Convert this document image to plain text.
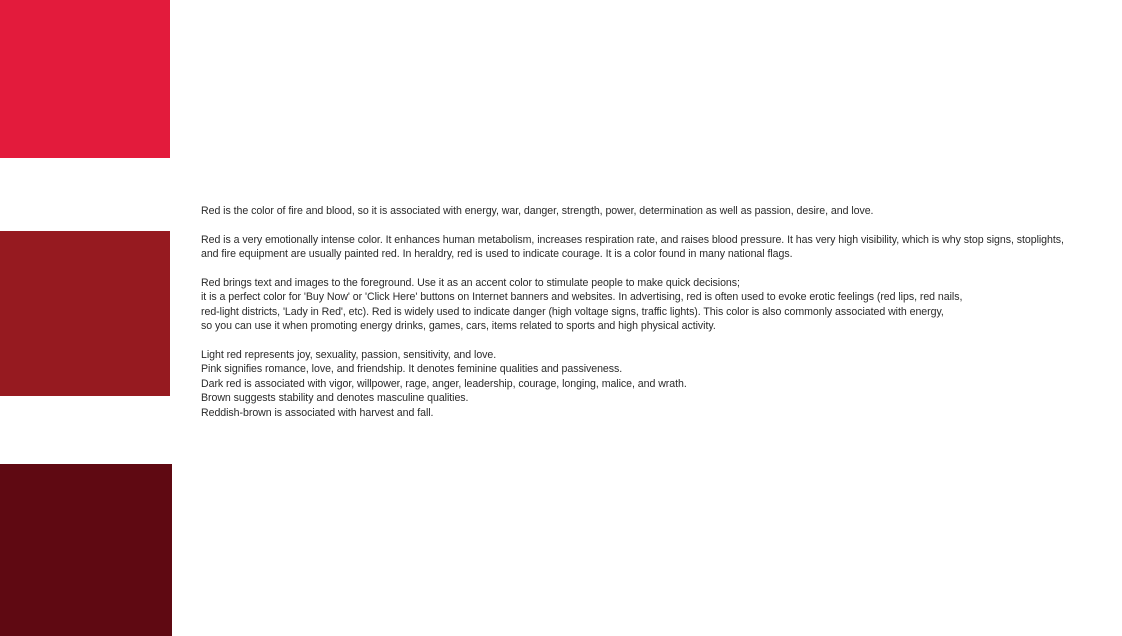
Red is the color of fire and blood, so it is associated with energy, war, danger, strength, power, determination as well as passion, desire, and love.

Red is a very emotionally intense color. It enhances human metabolism, increases respiration rate, and raises blood pressure. It has very high visibility, which is why stop signs, stoplights,
and fire equipment are usually painted red. In heraldry, red is used to indicate courage. It is a color found in many national flags.

Red brings text and images to the foreground. Use it as an accent color to stimulate people to make quick decisions;
it is a perfect color for 'Buy Now' or 'Click Here' buttons on Internet banners and websites. In advertising, red is often used to evoke erotic feelings (red lips, red nails,
red-light districts, 'Lady in Red', etc). Red is widely used to indicate danger (high voltage signs, traffic lights). This color is also commonly associated with energy,
so you can use it when promoting energy drinks, games, cars, items related to sports and high physical activity.

Light red represents joy, sexuality, passion, sensitivity, and love.
Pink signifies romance, love, and friendship. It denotes feminine qualities and passiveness.
Dark red is associated with vigor, willpower, rage, anger, leadership, courage, longing, malice, and wrath.
Brown suggests stability and denotes masculine qualities.
Reddish-brown is associated with harvest and fall.
